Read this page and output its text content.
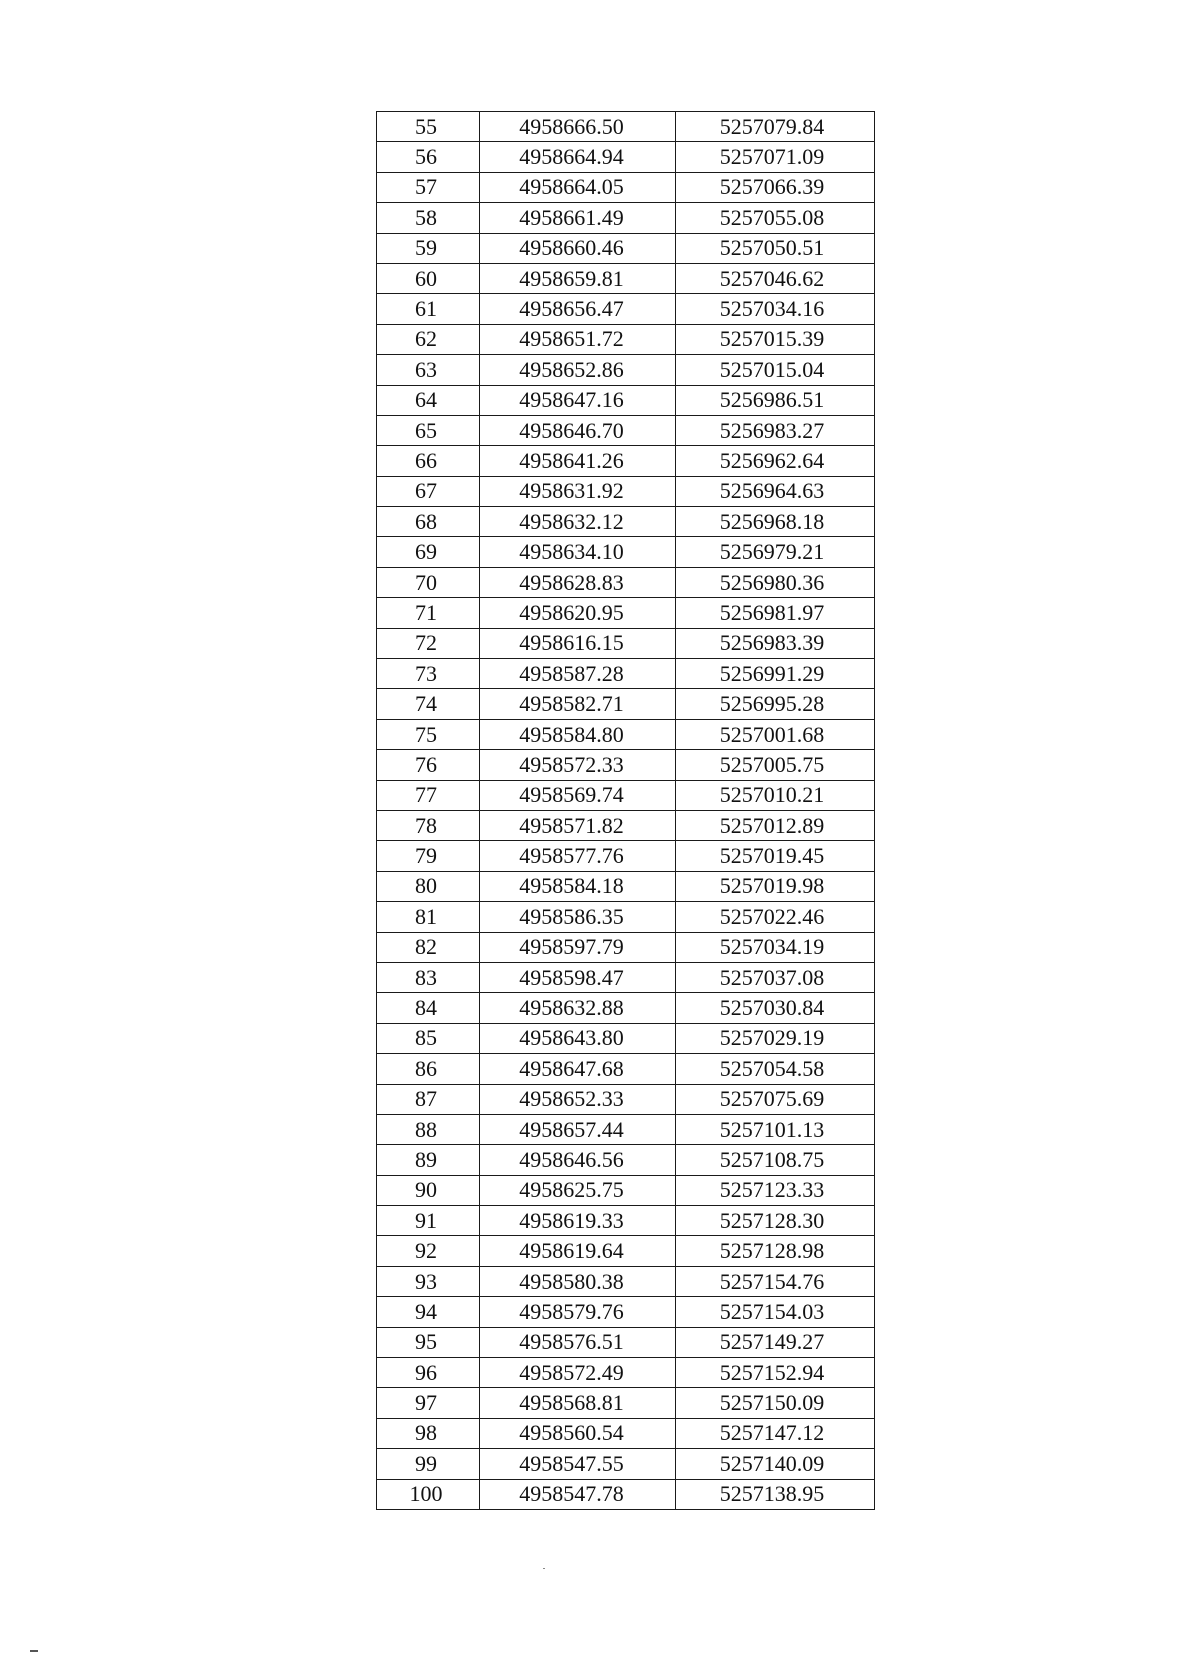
55	4958666.50	5257079.84
56	4958664.94	5257071.09
57	4958664.05	5257066.39
58	4958661.49	5257055.08
59	4958660.46	5257050.51
60	4958659.81	5257046.62
61	4958656.47	5257034.16
62	4958651.72	5257015.39
63	4958652.86	5257015.04
64	4958647.16	5256986.51
65	4958646.70	5256983.27
66	4958641.26	5256962.64
67	4958631.92	5256964.63
68	4958632.12	5256968.18
69	4958634.10	5256979.21
70	4958628.83	5256980.36
71	4958620.95	5256981.97
72	4958616.15	5256983.39
73	4958587.28	5256991.29
74	4958582.71	5256995.28
75	4958584.80	5257001.68
76	4958572.33	5257005.75
77	4958569.74	5257010.21
78	4958571.82	5257012.89
79	4958577.76	5257019.45
80	4958584.18	5257019.98
81	4958586.35	5257022.46
82	4958597.79	5257034.19
83	4958598.47	5257037.08
84	4958632.88	5257030.84
85	4958643.80	5257029.19
86	4958647.68	5257054.58
87	4958652.33	5257075.69
88	4958657.44	5257101.13
89	4958646.56	5257108.75
90	4958625.75	5257123.33
91	4958619.33	5257128.30
92	4958619.64	5257128.98
93	4958580.38	5257154.76
94	4958579.76	5257154.03
95	4958576.51	5257149.27
96	4958572.49	5257152.94
97	4958568.81	5257150.09
98	4958560.54	5257147.12
99	4958547.55	5257140.09
100	4958547.78	5257138.95
